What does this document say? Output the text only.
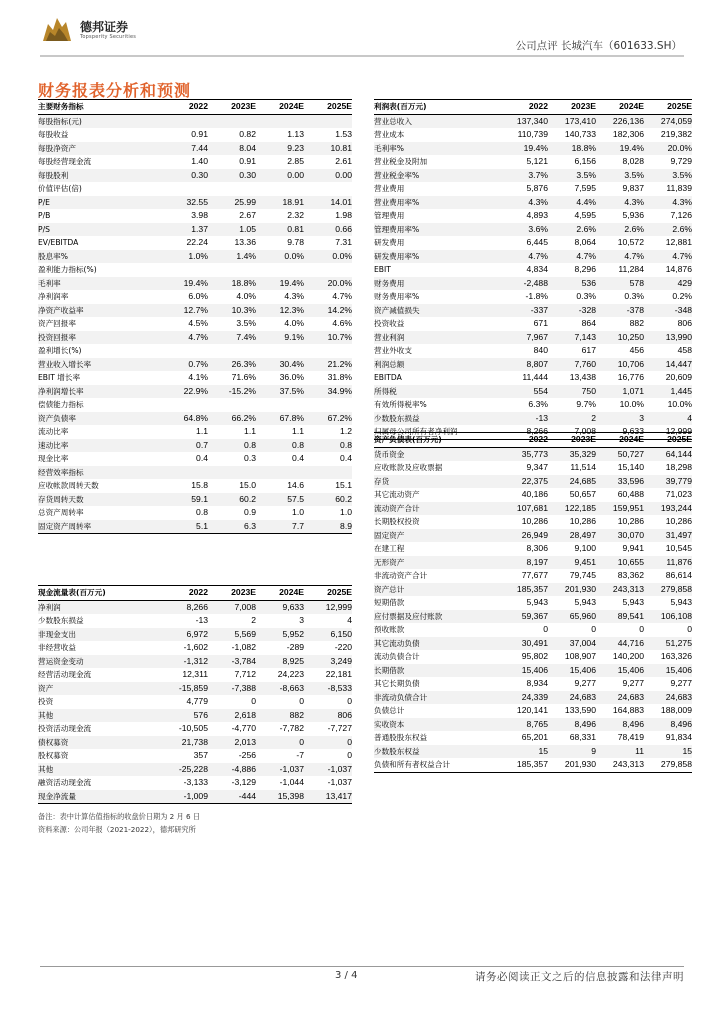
德邦证券
Topsperity Securities
公司点评 长城汽车（601633.SH）
财务报表分析和预测
主要财务指标	2022	2023E	2024E	2025E
每股指标(元)				
每股收益	0.91	0.82	1.13	1.53
每股净资产	7.44	8.04	9.23	10.81
每股经营现金流	1.40	0.91	2.85	2.61
每股股利	0.30	0.30	0.00	0.00
价值评估(倍)				
P/E	32.55	25.99	18.91	14.01
P/B	3.98	2.67	2.32	1.98
P/S	1.37	1.05	0.81	0.66
EV/EBITDA	22.24	13.36	9.78	7.31
股息率%	1.0%	1.4%	0.0%	0.0%
盈利能力指标(%)				
毛利率	19.4%	18.8%	19.4%	20.0%
净利润率	6.0%	4.0%	4.3%	4.7%
净资产收益率	12.7%	10.3%	12.3%	14.2%
资产回报率	4.5%	3.5%	4.0%	4.6%
投资回报率	4.7%	7.4%	9.1%	10.7%
盈利增长(%)				
营业收入增长率	0.7%	26.3%	30.4%	21.2%
EBIT 增长率	4.1%	71.6%	36.0%	31.8%
净利润增长率	22.9%	-15.2%	37.5%	34.9%
偿债能力指标				
资产负债率	64.8%	66.2%	67.8%	67.2%
流动比率	1.1	1.1	1.1	1.2
速动比率	0.7	0.8	0.8	0.8
现金比率	0.4	0.3	0.4	0.4
经营效率指标				
应收帐款周转天数	15.8	15.0	14.6	15.1
存货周转天数	59.1	60.2	57.5	60.2
总资产周转率	0.8	0.9	1.0	1.0
固定资产周转率	5.1	6.3	7.7	8.9
利润表(百万元)	2022	2023E	2024E	2025E
营业总收入	137,340	173,410	226,136	274,059
营业成本	110,739	140,733	182,306	219,382
毛利率%	19.4%	18.8%	19.4%	20.0%
营业税金及附加	5,121	6,156	8,028	9,729
营业税金率%	3.7%	3.5%	3.5%	3.5%
营业费用	5,876	7,595	9,837	11,839
营业费用率%	4.3%	4.4%	4.3%	4.3%
管理费用	4,893	4,595	5,936	7,126
管理费用率%	3.6%	2.6%	2.6%	2.6%
研发费用	6,445	8,064	10,572	12,881
研发费用率%	4.7%	4.7%	4.7%	4.7%
EBIT	4,834	8,296	11,284	14,876
财务费用	-2,488	536	578	429
财务费用率%	-1.8%	0.3%	0.3%	0.2%
资产减值损失	-337	-328	-378	-348
投资收益	671	864	882	806
营业利润	7,967	7,143	10,250	13,990
营业外收支	840	617	456	458
利润总额	8,807	7,760	10,706	14,447
EBITDA	11,444	13,438	16,776	20,609
所得税	554	750	1,071	1,445
有效所得税率%	6.3%	9.7%	10.0%	10.0%
少数股东损益	-13	2	3	4
归属母公司所有者净利润	8,266	7,008	9,633	12,999
资产负债表(百万元)	2022	2023E	2024E	2025E
货币资金	35,773	35,329	50,727	64,144
应收账款及应收票据	9,347	11,514	15,140	18,298
存货	22,375	24,685	33,596	39,779
其它流动资产	40,186	50,657	60,488	71,023
流动资产合计	107,681	122,185	159,951	193,244
长期股权投资	10,286	10,286	10,286	10,286
固定资产	26,949	28,497	30,070	31,497
在建工程	8,306	9,100	9,941	10,545
无形资产	8,197	9,451	10,655	11,876
非流动资产合计	77,677	79,745	83,362	86,614
资产总计	185,357	201,930	243,313	279,858
短期借款	5,943	5,943	5,943	5,943
应付票据及应付账款	59,367	65,960	89,541	106,108
预收账款	0	0	0	0
其它流动负债	30,491	37,004	44,716	51,275
流动负债合计	95,802	108,907	140,200	163,326
长期借款	15,406	15,406	15,406	15,406
其它长期负债	8,934	9,277	9,277	9,277
非流动负债合计	24,339	24,683	24,683	24,683
负债总计	120,141	133,590	164,883	188,009
实收资本	8,765	8,496	8,496	8,496
普通股股东权益	65,201	68,331	78,419	91,834
少数股东权益	15	9	11	15
负债和所有者权益合计	185,357	201,930	243,313	279,858
现金流量表(百万元)	2022	2023E	2024E	2025E
净利润	8,266	7,008	9,633	12,999
少数股东损益	-13	2	3	4
非现金支出	6,972	5,569	5,952	6,150
非经营收益	-1,602	-1,082	-289	-220
营运资金变动	-1,312	-3,784	8,925	3,249
经营活动现金流	12,311	7,712	24,223	22,181
资产	-15,859	-7,388	-8,663	-8,533
投资	4,779	0	0	0
其他	576	2,618	882	806
投资活动现金流	-10,505	-4,770	-7,782	-7,727
债权募资	21,738	2,013	0	0
股权募资	357	-256	-7	0
其他	-25,228	-4,886	-1,037	-1,037
融资活动现金流	-3,133	-3,129	-1,044	-1,037
现金净流量	-1,009	-444	15,398	13,417
备注：表中计算估值指标的收盘价日期为 2 月 6 日
资料来源：公司年报（2021-2022），德邦研究所
3 / 4	请务必阅读正文之后的信息披露和法律声明
